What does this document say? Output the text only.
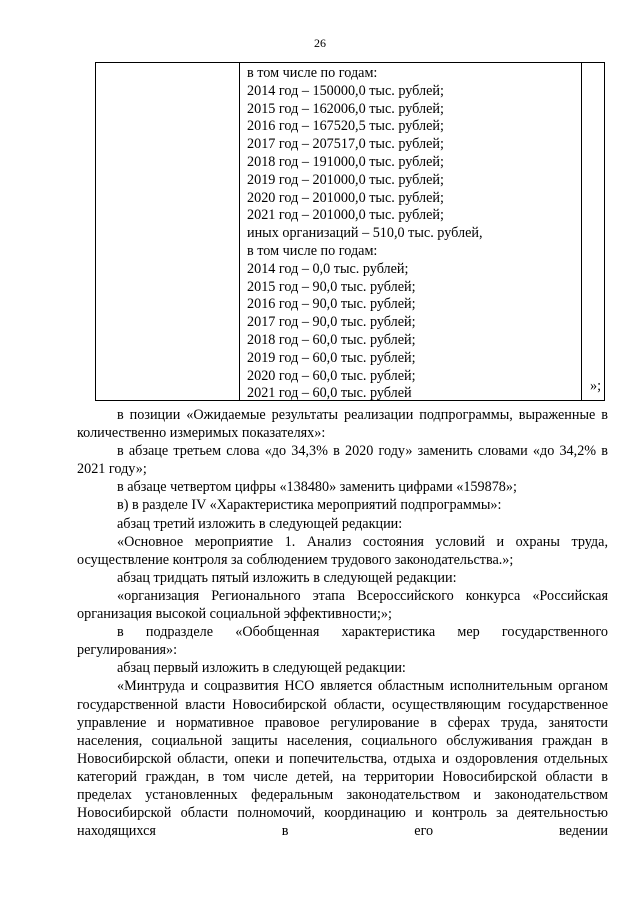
26
в том числе по годам:
2014 год – 150000,0 тыс. рублей;
2015 год – 162006,0 тыс. рублей;
2016 год – 167520,5 тыс. рублей;
2017 год – 207517,0 тыс. рублей;
2018 год – 191000,0 тыс. рублей;
2019 год – 201000,0 тыс. рублей;
2020 год – 201000,0 тыс. рублей;
2021 год – 201000,0 тыс. рублей;
иных организаций – 510,0 тыс. рублей,
в том числе по годам:
2014 год – 0,0 тыс. рублей;
2015 год – 90,0 тыс. рублей;
2016 год – 90,0 тыс. рублей;
2017 год – 90,0 тыс. рублей;
2018 год – 60,0 тыс. рублей;
2019 год – 60,0 тыс. рублей;
2020 год – 60,0 тыс. рублей;
2021 год – 60,0 тыс. рублей	»;

в позиции «Ожидаемые результаты реализации подпрограммы, выраженные в количественно измеримых показателях»:

в абзаце третьем слова «до 34,3% в 2020 году» заменить словами «до 34,2% в 2021 году»;

в абзаце четвертом цифры «138480» заменить цифрами «159878»;

в) в разделе IV «Характеристика мероприятий подпрограммы»:

абзац третий изложить в следующей редакции:

«Основное мероприятие 1. Анализ состояния условий и охраны труда, осуществление контроля за соблюдением трудового законодательства.»;

абзац тридцать пятый изложить в следующей редакции:

«организация Регионального этапа Всероссийского конкурса «Российская организация высокой социальной эффективности;»;

в подразделе «Обобщенная характеристика мер государственного регулирования»:

абзац первый изложить в следующей редакции:

«Минтруда и соцразвития НСО является областным исполнительным органом государственной власти Новосибирской области, осуществляющим государственное управление и нормативное правовое регулирование в сферах труда, занятости населения, социальной защиты населения, социального обслуживания граждан в Новосибирской области, опеки и попечительства, отдыха и оздоровления отдельных категорий граждан, в том числе детей, на территории Новосибирской области в пределах установленных федеральным законодательством и законодательством Новосибирской области полномочий, координацию и контроль за деятельностью находящихся в его ведении
